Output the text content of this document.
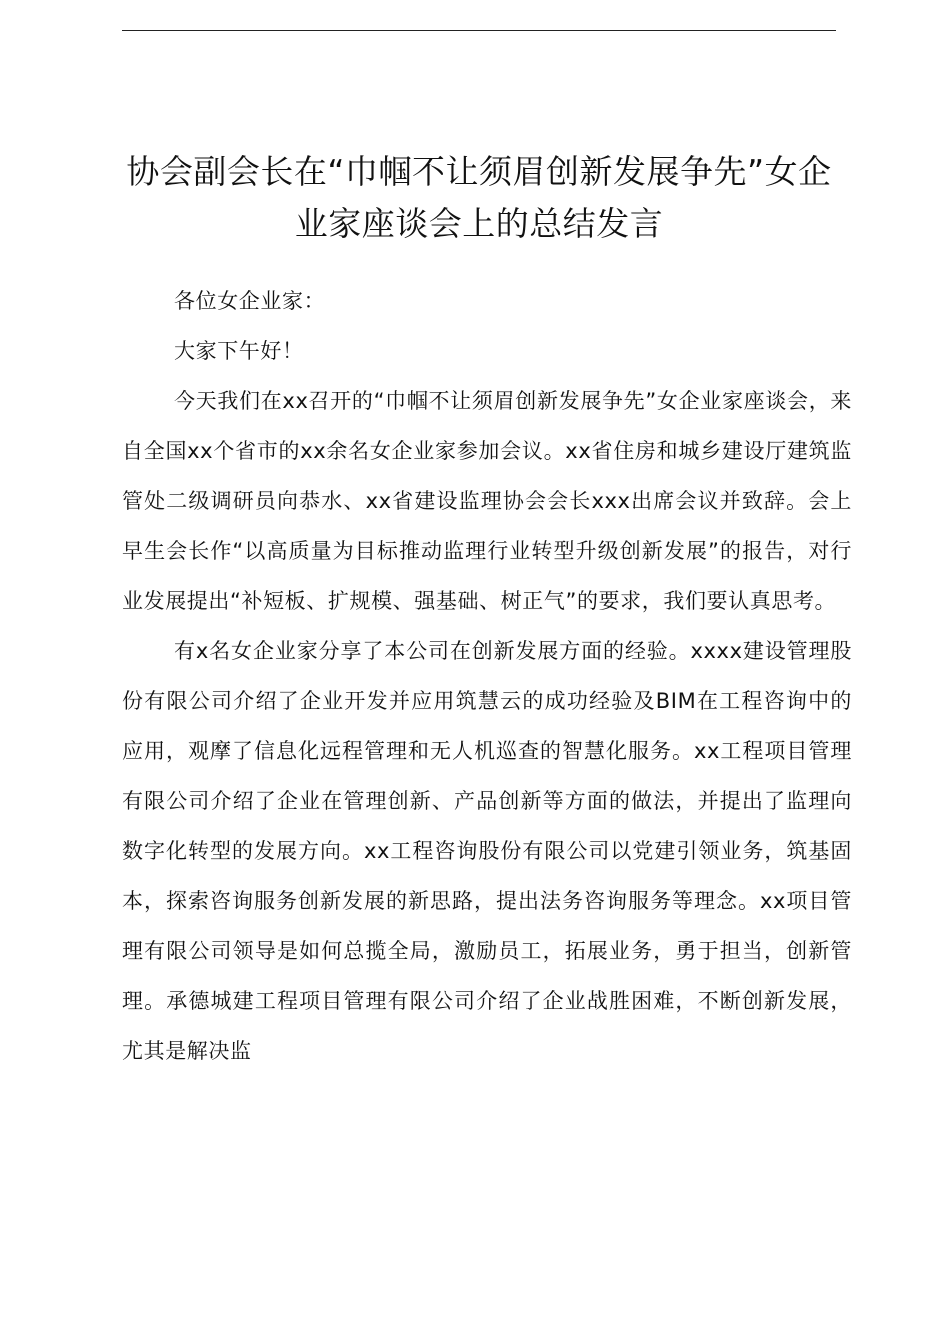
协会副会长在“巾帼不让须眉创新发展争先”女企业家座谈会上的总结发言

各位女企业家：

大家下午好！

今天我们在xx召开的“巾帼不让须眉创新发展争先”女企业家座谈会，来自全国xx个省市的xx余名女企业家参加会议。xx省住房和城乡建设厅建筑监管处二级调研员向恭水、xx省建设监理协会会长xxx出席会议并致辞。会上早生会长作“以高质量为目标推动监理行业转型升级创新发展”的报告，对行业发展提出“补短板、扩规模、强基础、树正气”的要求，我们要认真思考。

有x名女企业家分享了本公司在创新发展方面的经验。xxxx建设管理股份有限公司介绍了企业开发并应用筑慧云的成功经验及BIM在工程咨询中的应用，观摩了信息化远程管理和无人机巡查的智慧化服务。xx工程项目管理有限公司介绍了企业在管理创新、产品创新等方面的做法，并提出了监理向数字化转型的发展方向。xx工程咨询股份有限公司以党建引领业务，筑基固本，探索咨询服务创新发展的新思路，提出法务咨询服务等理念。xx项目管理有限公司领导是如何总揽全局，激励员工，拓展业务，勇于担当，创新管理。承德城建工程项目管理有限公司介绍了企业战胜困难，不断创新发展，尤其是解决监
